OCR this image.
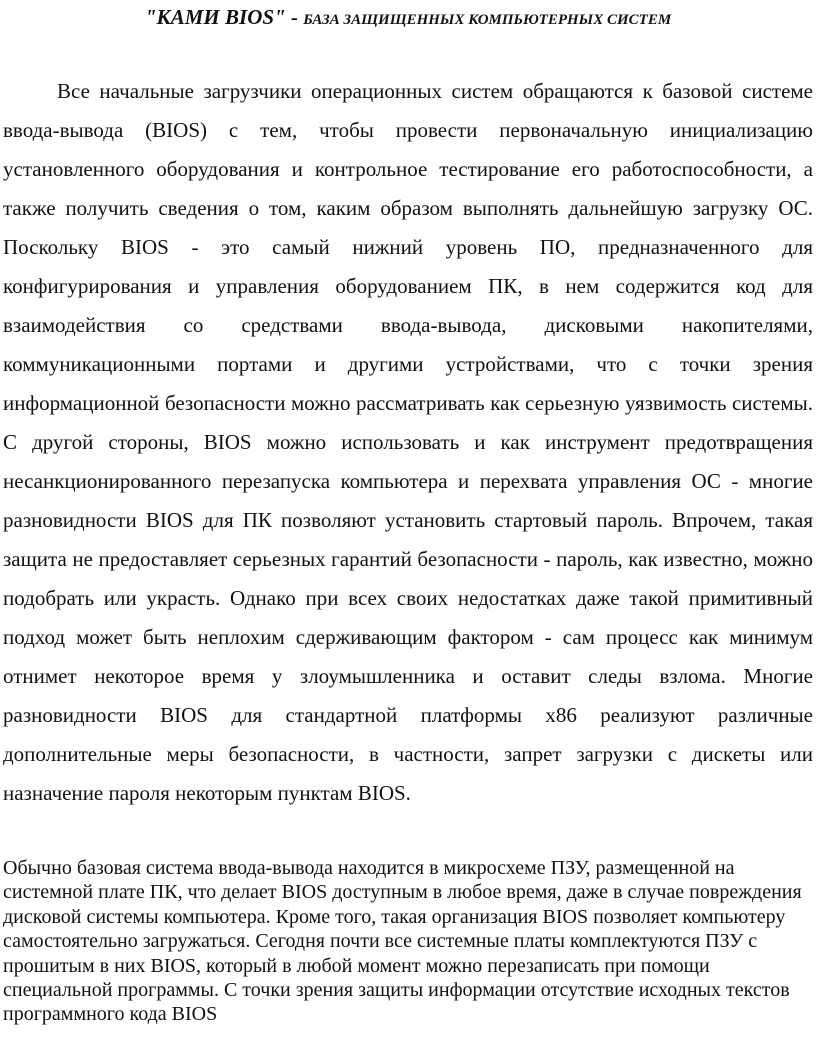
"КАМИ BIOS" - БАЗА ЗАЩИЩЕННЫХ КОМПЬЮТЕРНЫХ СИСТЕМ

Все начальные загрузчики операционных систем обращаются к базовой системе ввода-вывода (BIOS) с тем, чтобы провести первоначальную инициализацию установленного оборудования и контрольное тестирование его работоспособности, а также получить сведения о том, каким образом выполнять дальнейшую загрузку ОС. Поскольку BIOS - это самый нижний уровень ПО, предназначенного для конфигурирования и управления оборудованием ПК, в нем содержится код для взаимодействия со средствами ввода-вывода, дисковыми накопителями, коммуникационными портами и другими устройствами, что с точки зрения информационной безопасности можно рассматривать как серьезную уязвимость системы. С другой стороны, BIOS можно использовать и как инструмент предотвращения несанкционированного перезапуска компьютера и перехвата управления ОС - многие разновидности BIOS для ПК позволяют установить стартовый пароль. Впрочем, такая защита не предоставляет серьезных гарантий безопасности - пароль, как известно, можно подобрать или украсть. Однако при всех своих недостатках даже такой примитивный подход может быть неплохим сдерживающим фактором - сам процесс как минимум отнимет некоторое время у злоумышленника и оставит следы взлома. Многие разновидности BIOS для стандартной платформы x86 реализуют различные дополнительные меры безопасности, в частности, запрет загрузки с дискеты или назначение пароля некоторым пунктам BIOS.

Обычно базовая система ввода-вывода находится в микросхеме ПЗУ, размещенной на системной плате ПК, что делает BIOS доступным в любое время, даже в случае повреждения дисковой системы компьютера. Кроме того, такая организация BIOS позволяет компьютеру самостоятельно загружаться. Сегодня почти все системные платы комплектуются ПЗУ с прошитым в них BIOS, который в любой момент можно перезаписать при помощи специальной программы. С точки зрения защиты информации отсутствие исходных текстов программного кода BIOS
